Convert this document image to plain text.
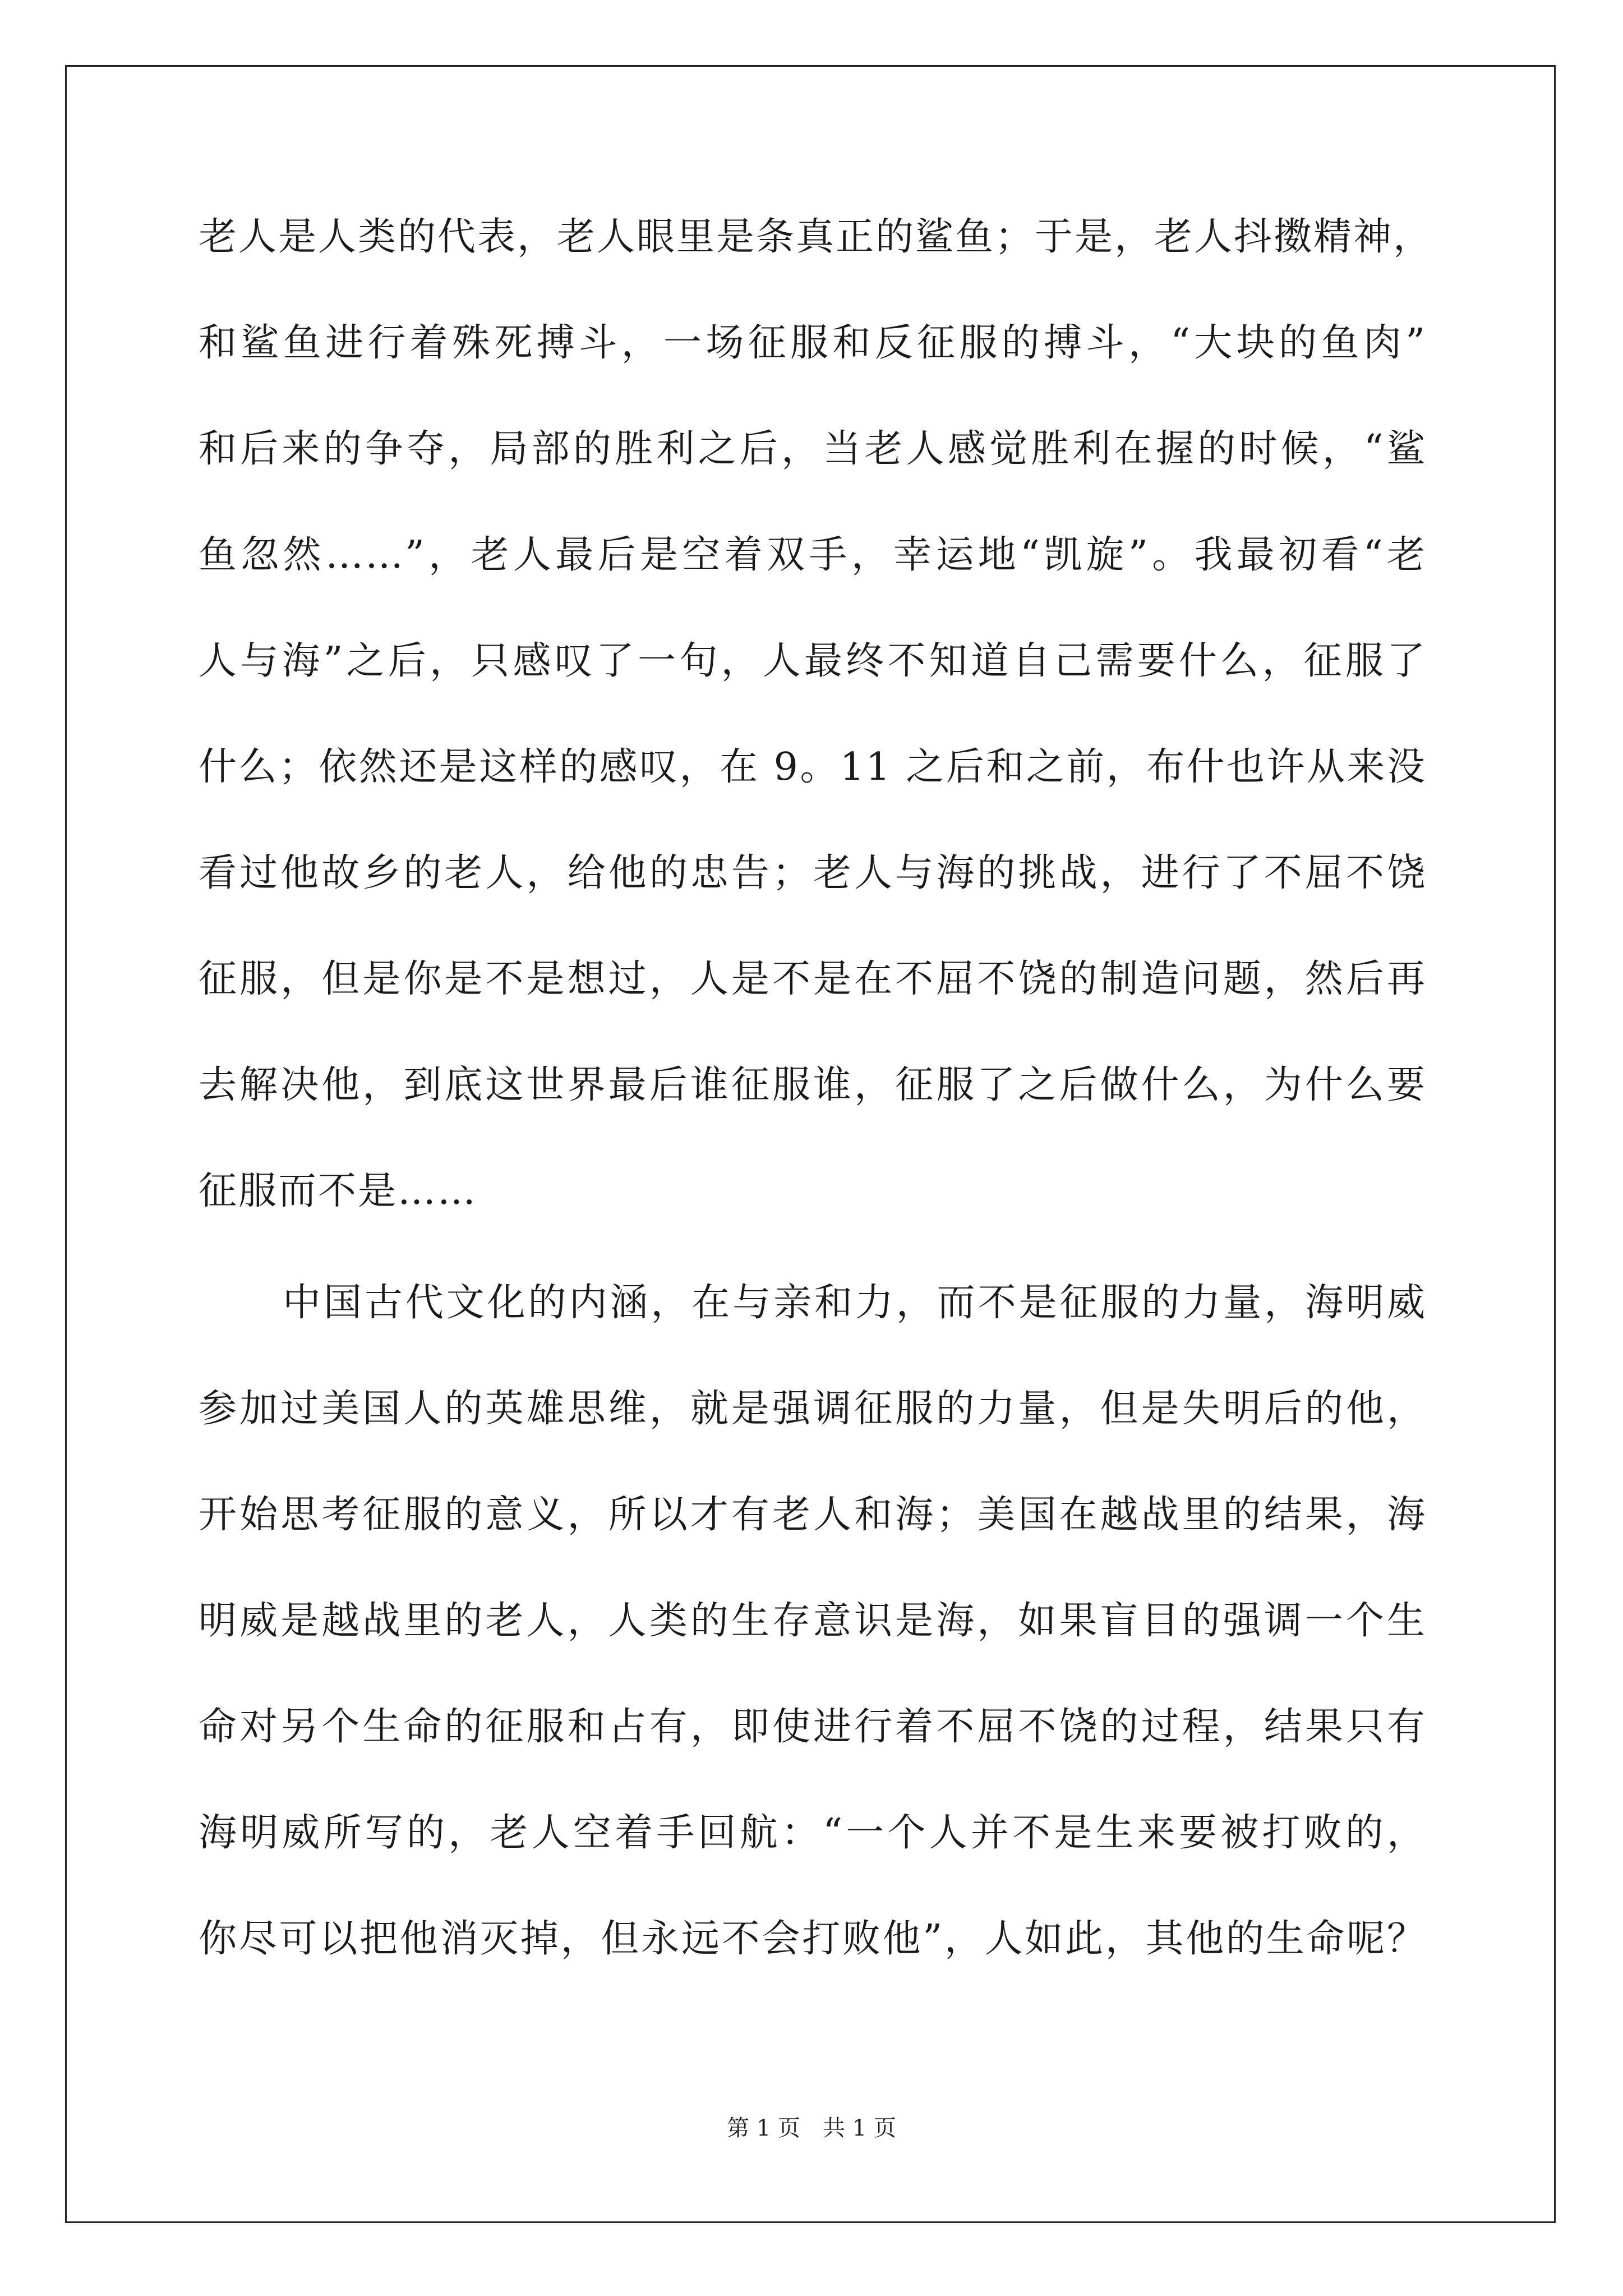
老人是人类的代表，老人眼里是条真正的鲨鱼；于是，老人抖擞精神，
和鲨鱼进行着殊死搏斗，一场征服和反征服的搏斗，“大块的鱼肉”
和后来的争夺，局部的胜利之后，当老人感觉胜利在握的时候，“鲨
鱼忽然……”，老人最后是空着双手，幸运地“凯旋”。我最初看“老
人与海”之后，只感叹了一句，人最终不知道自己需要什么，征服了
什么；依然还是这样的感叹，在 9。11 之后和之前，布什也许从来没
看过他故乡的老人，给他的忠告；老人与海的挑战，进行了不屈不饶
征服，但是你是不是想过，人是不是在不屈不饶的制造问题，然后再
去解决他，到底这世界最后谁征服谁，征服了之后做什么，为什么要
征服而不是……
中国古代文化的内涵，在与亲和力，而不是征服的力量，海明威
参加过美国人的英雄思维，就是强调征服的力量，但是失明后的他，
开始思考征服的意义，所以才有老人和海；美国在越战里的结果，海
明威是越战里的老人，人类的生存意识是海，如果盲目的强调一个生
命对另个生命的征服和占有，即使进行着不屈不饶的过程，结果只有
海明威所写的，老人空着手回航：“一个人并不是生来要被打败的，
你尽可以把他消灭掉，但永远不会打败他”，人如此，其他的生命呢？
第 1 页　共 1 页
